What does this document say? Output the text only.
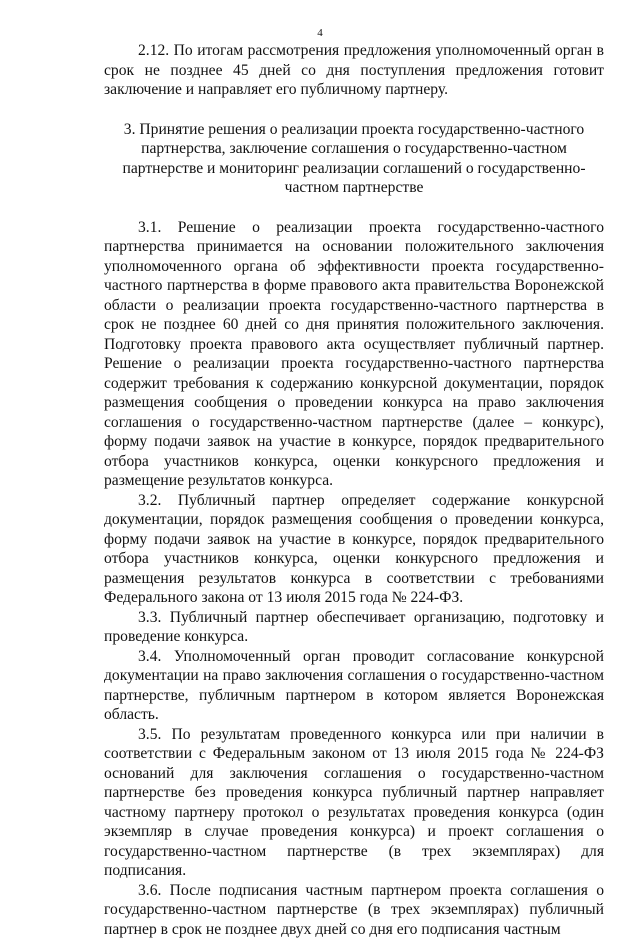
4

2.12. По итогам рассмотрения предложения уполномоченный орган в срок не позднее 45 дней со дня поступления предложения готовит заключение и направляет его публичному партнеру.

3. Принятие решения о реализации проекта государственно-частного партнерства, заключение соглашения о государственно-частном партнерстве и мониторинг реализации соглашений о государственно-частном партнерстве

3.1. Решение о реализации проекта государственно-частного партнерства принимается на основании положительного заключения уполномоченного органа об эффективности проекта государственно-частного партнерства в форме правового акта правительства Воронежской области о реализации проекта государственно-частного партнерства в срок не позднее 60 дней со дня принятия положительного заключения. Подготовку проекта правового акта осуществляет публичный партнер. Решение о реализации проекта государственно-частного партнерства содержит требования к содержанию конкурсной документации, порядок размещения сообщения о проведении конкурса на право заключения соглашения о государственно-частном партнерстве (далее – конкурс), форму подачи заявок на участие в конкурсе, порядок предварительного отбора участников конкурса, оценки конкурсного предложения и размещение результатов конкурса.

3.2. Публичный партнер определяет содержание конкурсной документации, порядок размещения сообщения о проведении конкурса, форму подачи заявок на участие в конкурсе, порядок предварительного отбора участников конкурса, оценки конкурсного предложения и размещения результатов конкурса в соответствии с требованиями Федерального закона от 13 июля 2015 года № 224-ФЗ.

3.3. Публичный партнер обеспечивает организацию, подготовку и проведение конкурса.

3.4. Уполномоченный орган проводит согласование конкурсной документации на право заключения соглашения о государственно-частном партнерстве, публичным партнером в котором является Воронежская область.

3.5. По результатам проведенного конкурса или при наличии в соответствии с Федеральным законом от 13 июля 2015 года № 224-ФЗ оснований для заключения соглашения о государственно-частном партнерстве без проведения конкурса публичный партнер направляет частному партнеру протокол о результатах проведения конкурса (один экземпляр в случае проведения конкурса) и проект соглашения о государственно-частном партнерстве (в трех экземплярах) для подписания.

3.6. После подписания частным партнером проекта соглашения о государственно-частном партнерстве (в трех экземплярах) публичный партнер в срок не позднее двух дней со дня его подписания частным
